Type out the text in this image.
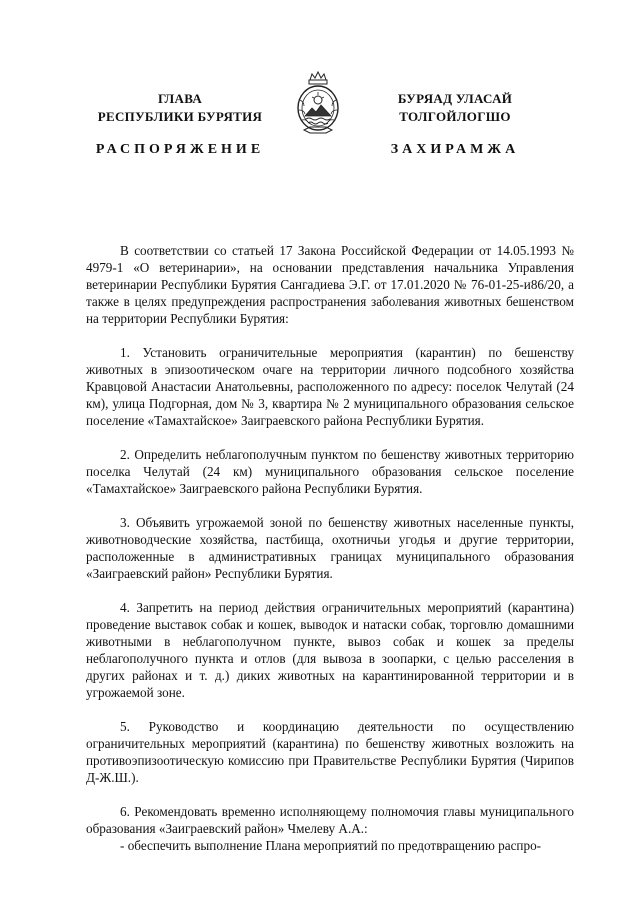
ГЛАВА
РЕСПУБЛИКИ БУРЯТИЯ
БУРЯАД УЛАСАЙ
ТОЛГОЙЛОГШО
РАСПОРЯЖЕНИЕ	ЗАХИРАМЖА

В соответствии со статьей 17 Закона Российской Федерации от 14.05.1993 № 4979-1 «О ветеринарии», на основании представления начальника Управления ветеринарии Республики Бурятия Сангадиева Э.Г. от 17.01.2020 № 76-01-25-и86/20, а также в целях предупреждения распространения заболевания животных бешенством на территории Республики Бурятия:

1. Установить ограничительные мероприятия (карантин) по бешенству животных в эпизоотическом очаге на территории личного подсобного хозяйства Кравцовой Анастасии Анатольевны, расположенного по адресу: поселок Челутай (24 км), улица Подгорная, дом № 3, квартира № 2 муниципального образования сельское поселение «Тамахтайское» Заиграевского района Республики Бурятия.

2. Определить неблагополучным пунктом по бешенству животных территорию поселка Челутай (24 км) муниципального образования сельское поселение «Тамахтайское» Заиграевского района Республики Бурятия.

3. Объявить угрожаемой зоной по бешенству животных населенные пункты, животноводческие хозяйства, пастбища, охотничьи угодья и другие территории, расположенные в административных границах муниципального образования «Заиграевский район» Республики Бурятия.

4. Запретить на период действия ограничительных мероприятий (карантина) проведение выставок собак и кошек, выводок и натаски собак, торговлю домашними животными в неблагополучном пункте, вывоз собак и кошек за пределы неблагополучного пункта и отлов (для вывоза в зоопарки, с целью расселения в других районах и т. д.) диких животных на карантинированной территории и в угрожаемой зоне.

5. Руководство и координацию деятельности по осуществлению ограничительных мероприятий (карантина) по бешенству животных возложить на противоэпизоотическую комиссию при Правительстве Республики Бурятия (Чирипов Д-Ж.Ш.).

6. Рекомендовать временно исполняющему полномочия главы муниципального образования «Заиграевский район» Чмелеву А.А.:

- обеспечить выполнение Плана мероприятий по предотвращению распро-
